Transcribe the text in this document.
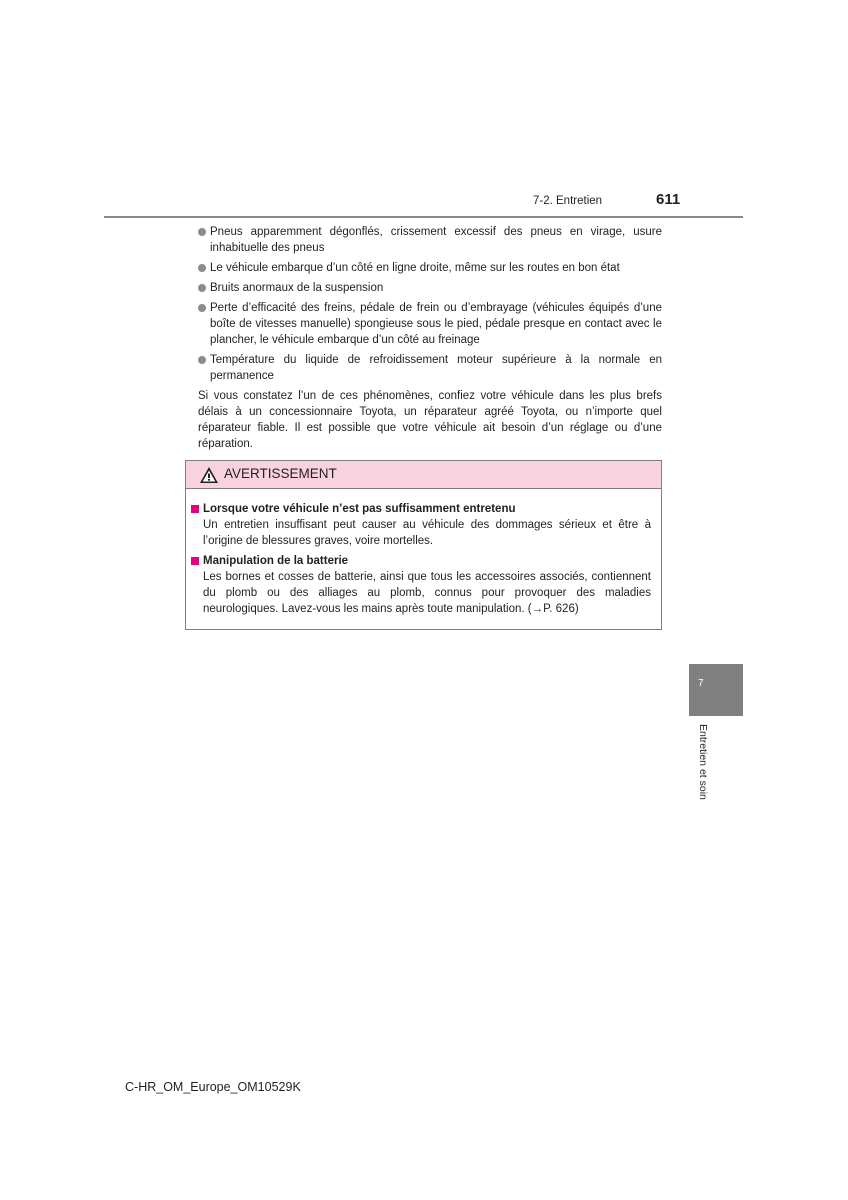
7-2. Entretien	611
Pneus apparemment dégonflés, crissement excessif des pneus en virage, usure inhabituelle des pneus
Le véhicule embarque d’un côté en ligne droite, même sur les routes en bon état
Bruits anormaux de la suspension
Perte d’efficacité des freins, pédale de frein ou d’embrayage (véhicules équipés d’une boîte de vitesses manuelle) spongieuse sous le pied, pédale presque en contact avec le plancher, le véhicule embarque d’un côté au freinage
Température du liquide de refroidissement moteur supérieure à la normale en permanence
Si vous constatez l’un de ces phénomènes, confiez votre véhicule dans les plus brefs délais à un concessionnaire Toyota, un réparateur agréé Toyota, ou n’importe quel réparateur fiable. Il est possible que votre véhicule ait besoin d’un réglage ou d’une réparation.
AVERTISSEMENT
Lorsque votre véhicule n’est pas suffisamment entretenu
Un entretien insuffisant peut causer au véhicule des dommages sérieux et être à l’origine de blessures graves, voire mortelles.
Manipulation de la batterie
Les bornes et cosses de batterie, ainsi que tous les accessoires associés, contiennent du plomb ou des alliages au plomb, connus pour provoquer des maladies neurologiques. Lavez-vous les mains après toute manipulation. (→P. 626)
7
Entretien et soin
C-HR_OM_Europe_OM10529K
